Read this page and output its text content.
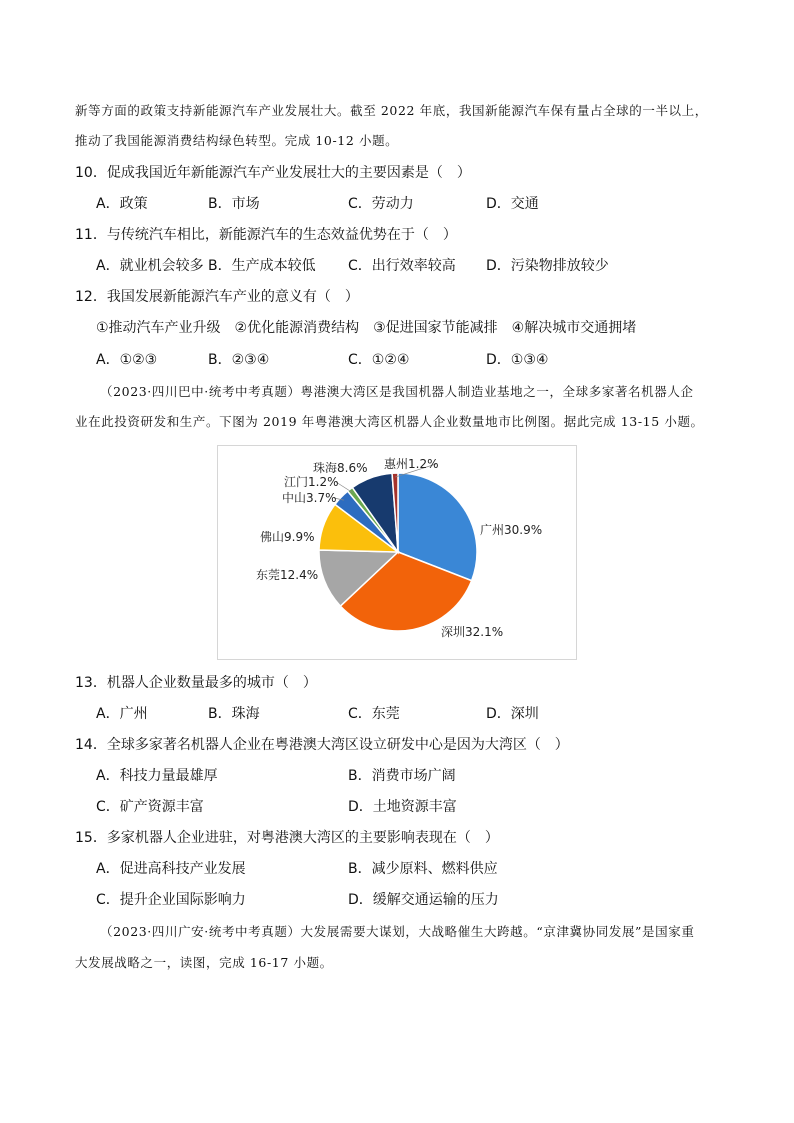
新等方面的政策支持新能源汽车产业发展壮大。截至 2022 年底，我国新能源汽车保有量占全球的一半以上，
推动了我国能源消费结构绿色转型。完成 10-12 小题。
10．促成我国近年新能源汽车产业发展壮大的主要因素是（　）
A．政策	B．市场	C．劳动力	D．交通
11．与传统汽车相比，新能源汽车的生态效益优势在于（　）
A．就业机会较多 B．生产成本较低 C．出行效率较高 D．污染物排放较少
12．我国发展新能源汽车产业的意义有（　）
①推动汽车产业升级　②优化能源消费结构　③促进国家节能减排　④解决城市交通拥堵
A．①②③	B．②③④	C．①②④	D．①③④
（2023·四川巴中·统考中考真题）粤港澳大湾区是我国机器人制造业基地之一，全球多家著名机器人企
业在此投资研发和生产。下图为 2019 年粤港澳大湾区机器人企业数量地市比例图。据此完成 13-15 小题。
广州30.9%
深圳32.1%
东莞12.4%
佛山9.9%
中山3.7%
江门1.2%
珠海8.6% 惠州1.2%
13．机器人企业数量最多的城市（　）
A．广州	B．珠海	C．东莞	D．深圳
14．全球多家著名机器人企业在粤港澳大湾区设立研发中心是因为大湾区（　）
A．科技力量最雄厚	B．消费市场广阔
C．矿产资源丰富	D．土地资源丰富
15．多家机器人企业进驻，对粤港澳大湾区的主要影响表现在（　）
A．促进高科技产业发展	B．减少原料、燃料供应
C．提升企业国际影响力	D．缓解交通运输的压力
（2023·四川广安·统考中考真题）大发展需要大谋划，大战略催生大跨越。“京津冀协同发展”是国家重
大发展战略之一，读图，完成 16-17 小题。
